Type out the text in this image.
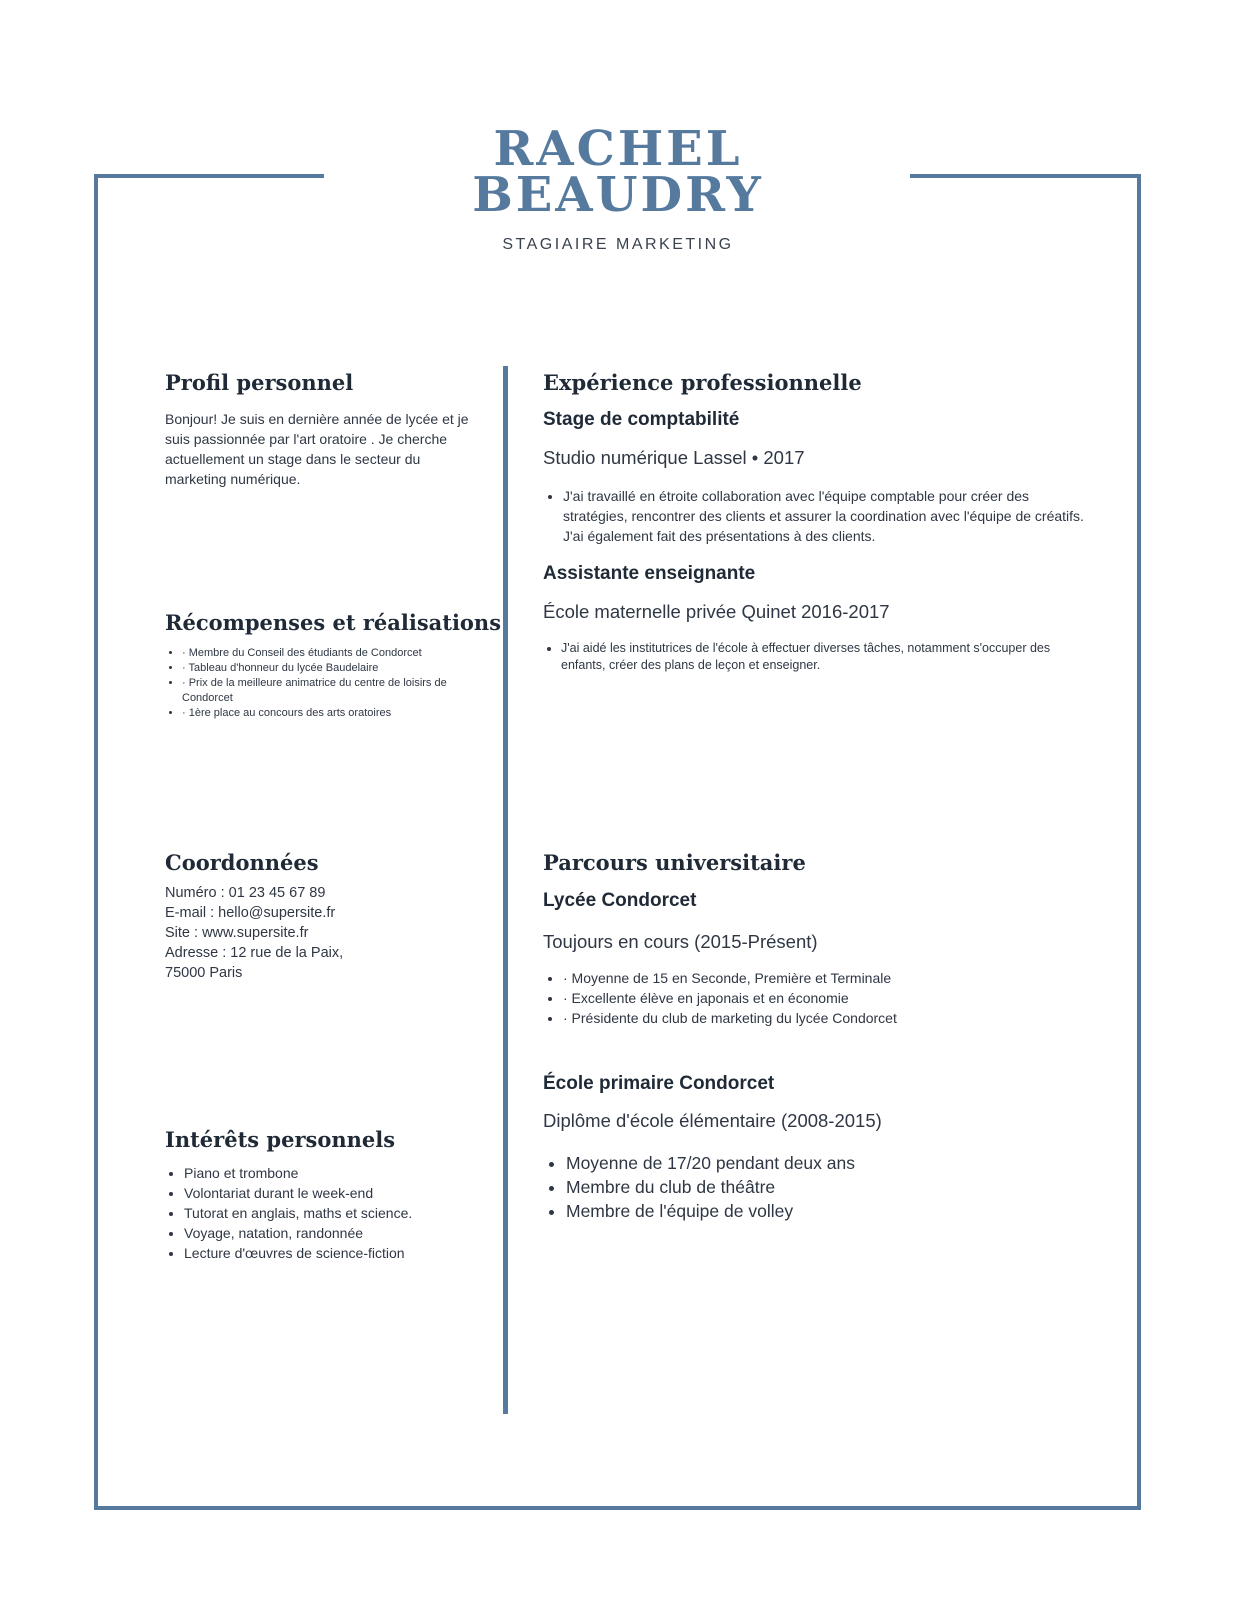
RACHEL
BEAUDRY
STAGIAIRE MARKETING
Profil personnel

Bonjour! Je suis en dernière année de lycée et je suis passionnée par l'art oratoire . Je cherche actuellement un stage dans le secteur du marketing numérique.

Récompenses et réalisations
• · Membre du Conseil des étudiants de Condorcet
• · Tableau d'honneur du lycée Baudelaire
• · Prix de la meilleure animatrice du centre de loisirs de Condorcet
• · 1ère place au concours des arts oratoires
Coordonnées
Numéro : 01 23 45 67 89
E-mail : hello@supersite.fr
Site : www.supersite.fr
Adresse : 12 rue de la Paix,
75000 Paris
Intérêts personnels
• Piano et trombone
• Volontariat durant le week-end
• Tutorat en anglais, maths et science.
• Voyage, natation, randonnée
• Lecture d'œuvres de science-fiction
Expérience professionnelle
Stage de comptabilité

Studio numérique Lassel • 2017

• J'ai travaillé en étroite collaboration avec l'équipe comptable pour créer des stratégies, rencontrer des clients et assurer la coordination avec l'équipe de créatifs. J'ai également fait des présentations à des clients.
Assistante enseignante

École maternelle privée Quinet 2016-2017

• J'ai aidé les institutrices de l'école à effectuer diverses tâches, notamment s'occuper des enfants, créer des plans de leçon et enseigner.
Parcours universitaire
Lycée Condorcet

Toujours en cours (2015-Présent)

• · Moyenne de 15 en Seconde, Première et Terminale
• · Excellente élève en japonais et en économie
• · Présidente du club de marketing du lycée Condorcet
École primaire Condorcet

Diplôme d'école élémentaire (2008-2015)

• Moyenne de 17/20 pendant deux ans
• Membre du club de théâtre
• Membre de l'équipe de volley
